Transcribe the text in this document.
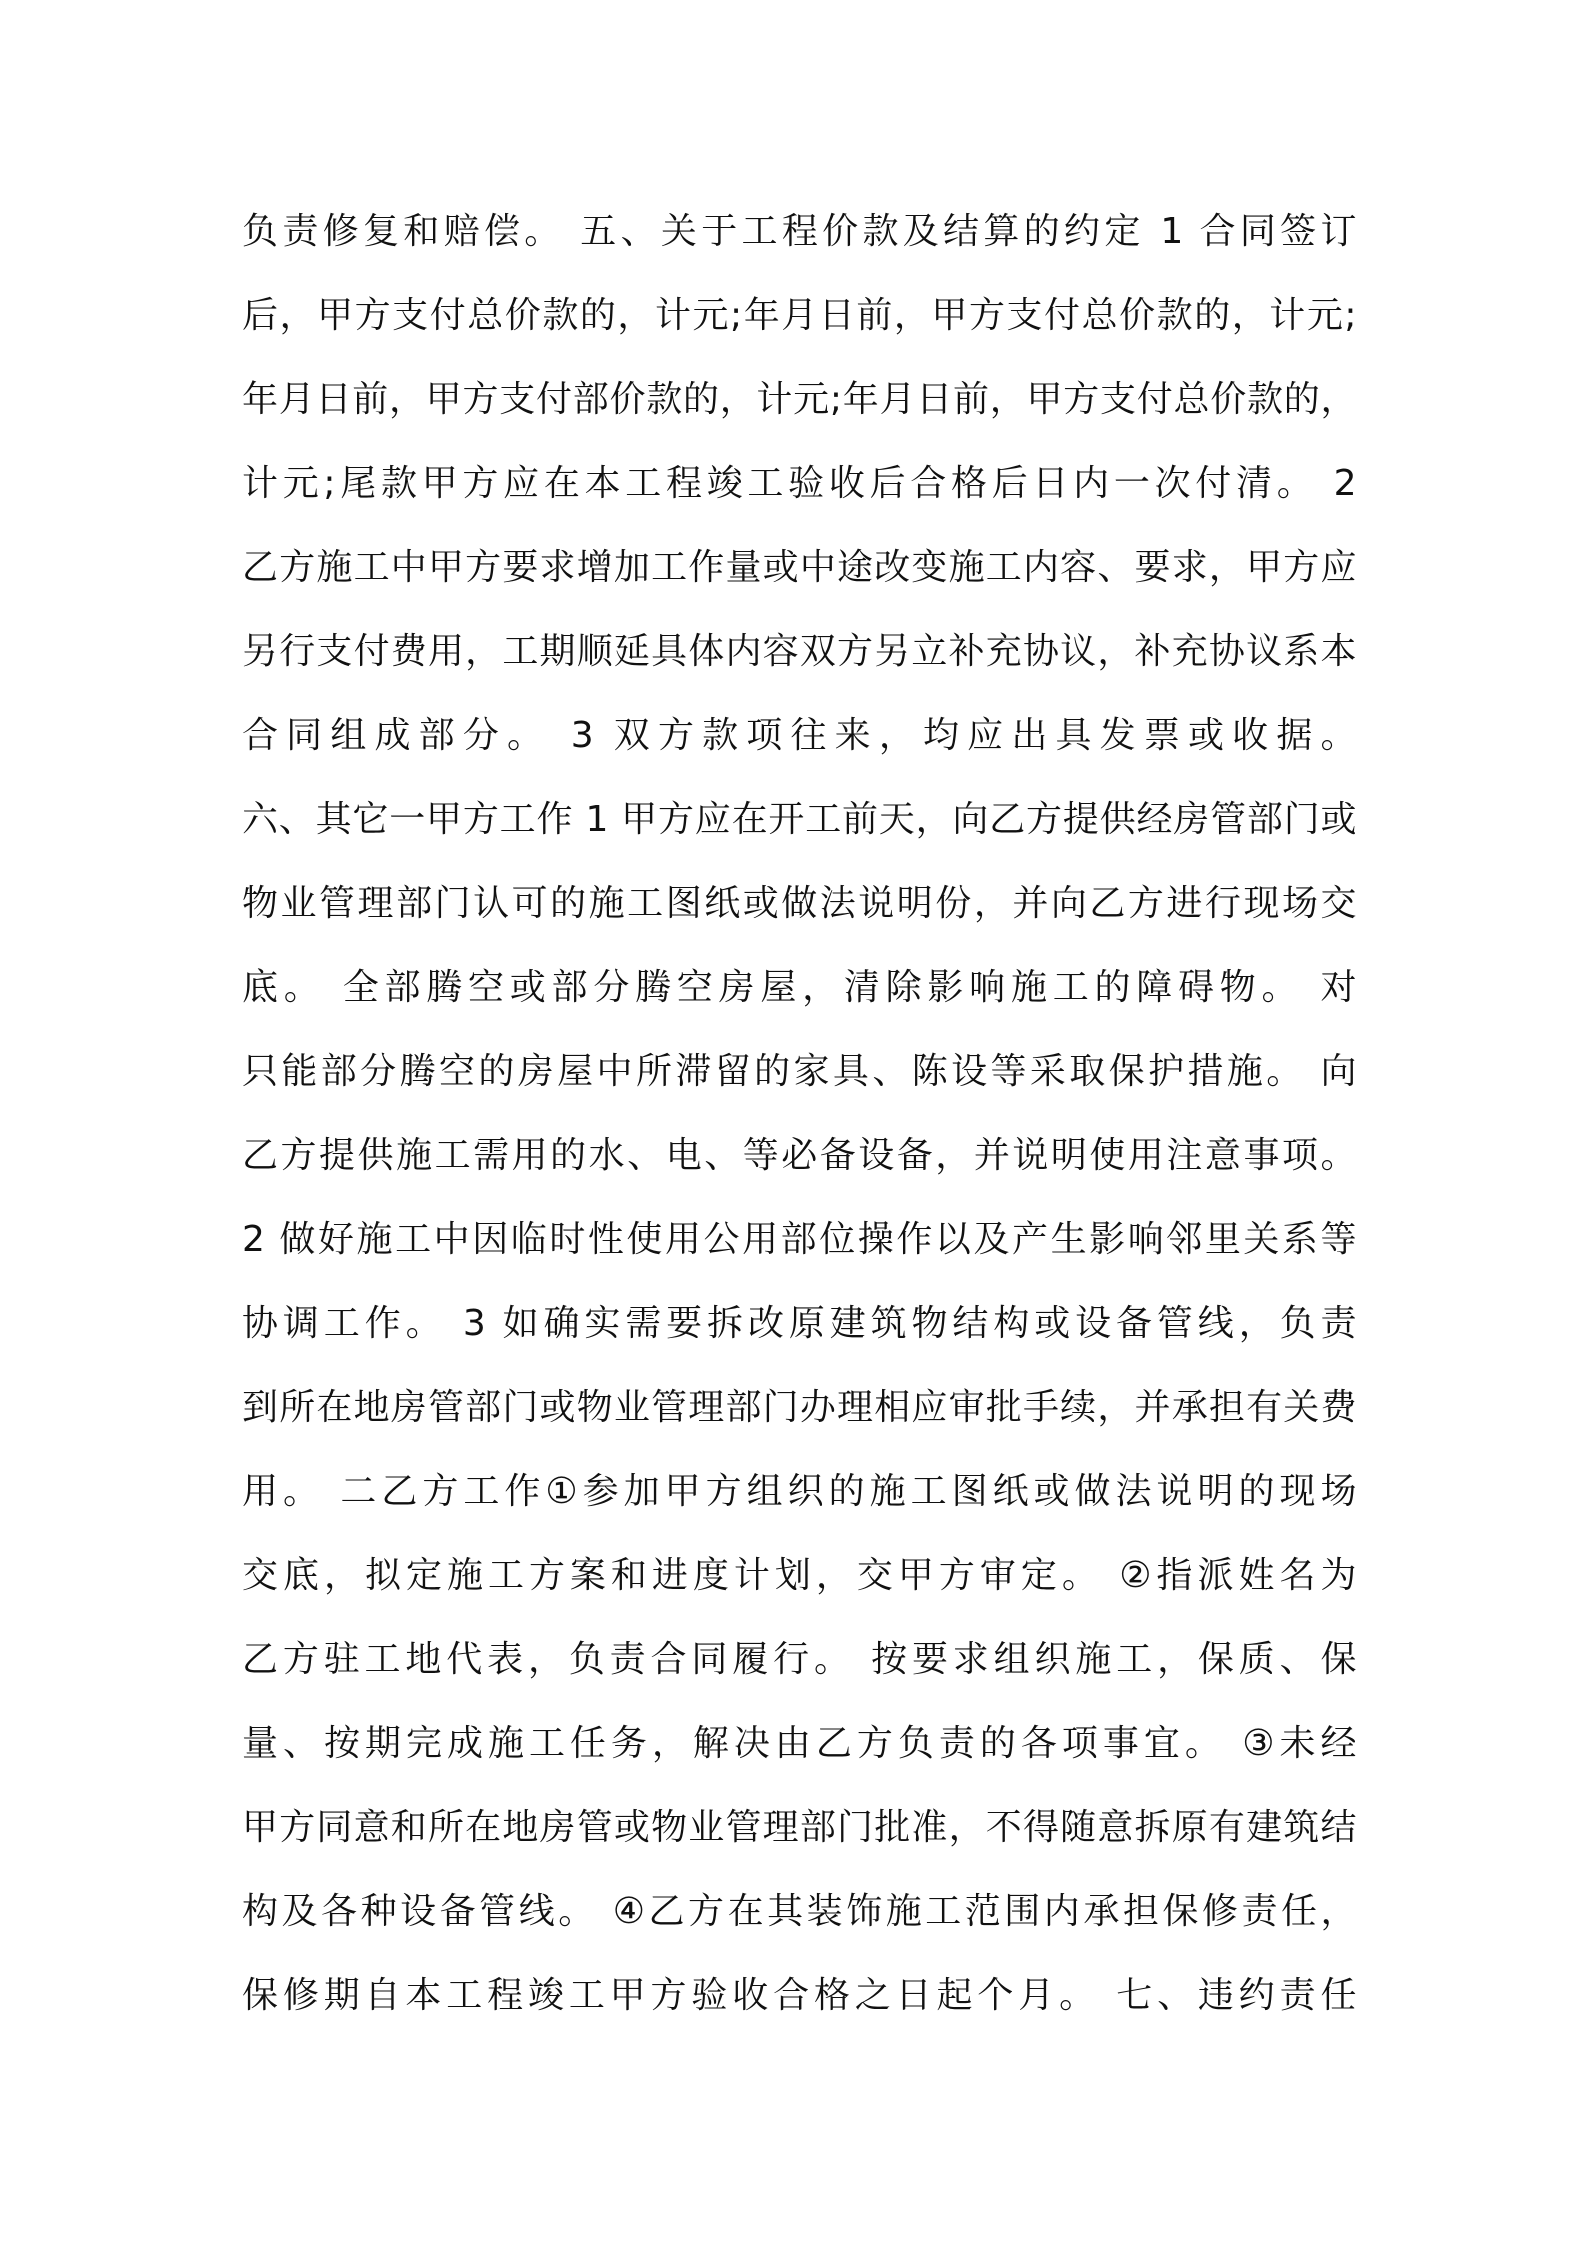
负责修复和赔偿。 五、关于工程价款及结算的约定 1 合同签订
后，甲方支付总价款的，计元;年月日前，甲方支付总价款的，计元;
年月日前，甲方支付部价款的，计元;年月日前，甲方支付总价款的，
计元;尾款甲方应在本工程竣工验收后合格后日内一次付清。 2
乙方施工中甲方要求增加工作量或中途改变施工内容、要求，甲方应
另行支付费用，工期顺延具体内容双方另立补充协议，补充协议系本
合同组成部分。 3 双方款项往来，均应出具发票或收据。
六、其它一甲方工作 1 甲方应在开工前天，向乙方提供经房管部门或
物业管理部门认可的施工图纸或做法说明份，并向乙方进行现场交
底。 全部腾空或部分腾空房屋，清除影响施工的障碍物。 对
只能部分腾空的房屋中所滞留的家具、陈设等采取保护措施。 向
乙方提供施工需用的水、电、等必备设备，并说明使用注意事项。
2 做好施工中因临时性使用公用部位操作以及产生影响邻里关系等
协调工作。 3 如确实需要拆改原建筑物结构或设备管线，负责
到所在地房管部门或物业管理部门办理相应审批手续，并承担有关费
用。 二乙方工作①参加甲方组织的施工图纸或做法说明的现场
交底，拟定施工方案和进度计划，交甲方审定。 ②指派姓名为
乙方驻工地代表，负责合同履行。 按要求组织施工，保质、保
量、按期完成施工任务，解决由乙方负责的各项事宜。 ③未经
甲方同意和所在地房管或物业管理部门批准，不得随意拆原有建筑结
构及各种设备管线。 ④乙方在其装饰施工范围内承担保修责任，
保修期自本工程竣工甲方验收合格之日起个月。 七、违约责任
